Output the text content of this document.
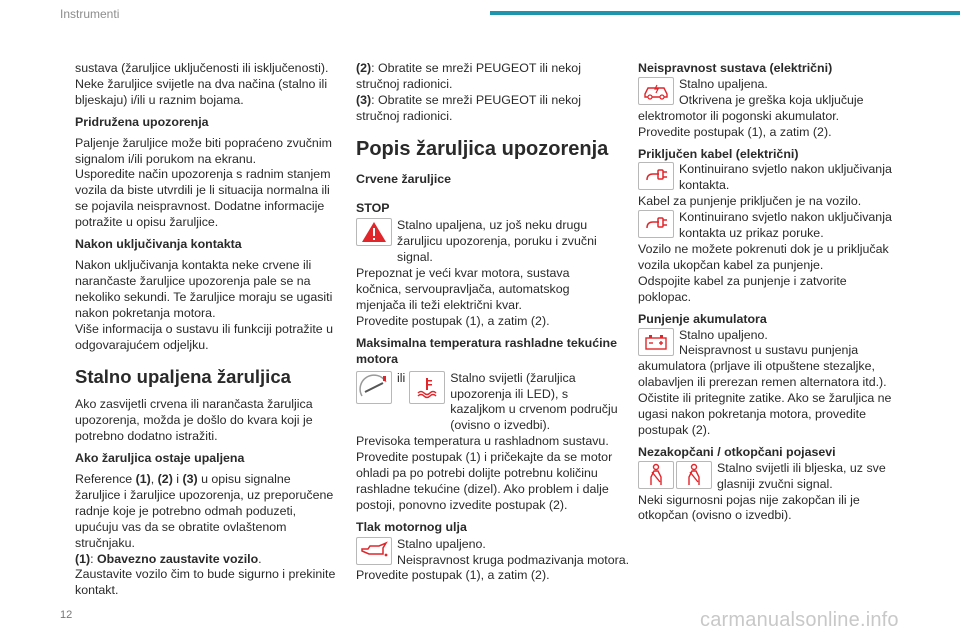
Instrumenti

sustava (žaruljice uključenosti ili isključenosti). Neke žaruljice svijetle na dva načina (stalno ili bljeskaju) i/ili u raznim bojama.

Pridružena upozorenja

Paljenje žaruljice može biti popraćeno zvučnim signalom i/ili porukom na ekranu.

Usporedite način upozorenja s radnim stanjem vozila da biste utvrdili je li situacija normalna ili se pojavila neispravnost. Dodatne informacije potražite u opisu žaruljice.

Nakon uključivanja kontakta

Nakon uključivanja kontakta neke crvene ili narančaste žaruljice upozorenja pale se na nekoliko sekundi. Te žaruljice moraju se ugasiti nakon pokretanja motora.

Više informacija o sustavu ili funkciji potražite u odgovarajućem odjeljku.

Stalno upaljena žaruljica

Ako zasvijetli crvena ili narančasta žaruljica upozorenja, možda je došlo do kvara koji je potrebno dodatno istražiti.

Ako žaruljica ostaje upaljena

Reference (1), (2) i (3) u opisu signalne žaruljice i žaruljice upozorenja, uz preporučene radnje koje je potrebno odmah poduzeti, upućuju vas da se obratite ovlaštenom stručnjaku.

(1): Obavezno zaustavite vozilo.

Zaustavite vozilo čim to bude sigurno i prekinite kontakt.

(2): Obratite se mreži PEUGEOT ili nekoj stručnoj radionici.

(3): Obratite se mreži PEUGEOT ili nekoj stručnoj radionici.

Popis žaruljica upozorenja

Crvene žaruljice

STOP

Stalno upaljena, uz još neku drugu žaruljicu upozorenja, poruku i zvučni signal.

Prepoznat je veći kvar motora, sustava kočnica, servoupravljača, automatskog mjenjača ili teži električni kvar.

Provedite postupak (1), a zatim (2).

Maksimalna temperatura rashladne tekućine motora

ili	Stalno svijetli (žaruljica upozorenja ili LED), s kazaljkom u crvenom području (ovisno o izvedbi).

Previsoka temperatura u rashladnom sustavu.

Provedite postupak (1) i pričekajte da se motor ohladi pa po potrebi dolijte potrebnu količinu rashladne tekućine (dizel). Ako problem i dalje postoji, ponovno izvedite postupak (2).

Tlak motornog ulja

Stalno upaljeno.

Neispravnost kruga podmazivanja motora.

Provedite postupak (1), a zatim (2).

Neispravnost sustava (električni)

Stalno upaljena.

Otkrivena je greška koja uključuje elektromotor ili pogonski akumulator.

Provedite postupak (1), a zatim (2).

Priključen kabel (električni)

Kontinuirano svjetlo nakon uključivanja kontakta.

Kabel za punjenje priključen je na vozilo.

Kontinuirano svjetlo nakon uključivanja kontakta uz prikaz poruke.

Vozilo ne možete pokrenuti dok je u priključak vozila ukopčan kabel za punjenje.

Odspojite kabel za punjenje i zatvorite poklopac.

Punjenje akumulatora

Stalno upaljeno.

Neispravnost u sustavu punjenja akumulatora (prljave ili otpuštene stezaljke, olabavljen ili prerezan remen alternatora itd.).

Očistite ili pritegnite zatike. Ako se žaruljica ne ugasi nakon pokretanja motora, provedite postupak (2).

Nezakopčani / otkopčani pojasevi

Stalno svijetli ili bljeska, uz sve glasniji zvučni signal.

Neki sigurnosni pojas nije zakopčan ili je otkopčan (ovisno o izvedbi).

12	carmanualsonline.info
